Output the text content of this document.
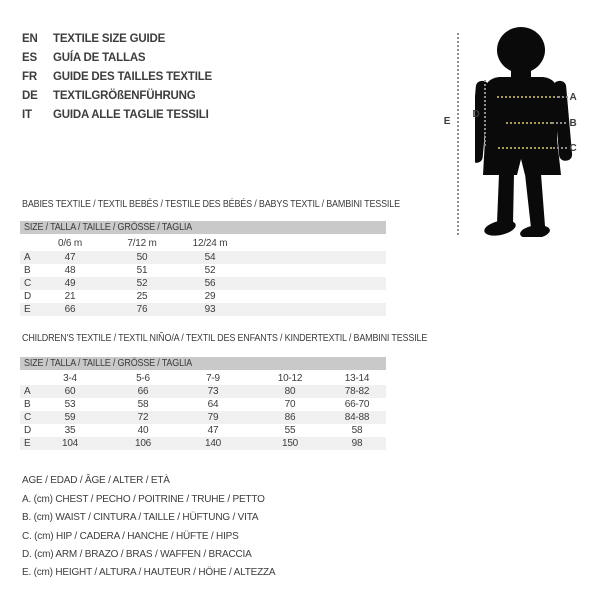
EN TEXTILE SIZE GUIDE
ES GUÍA DE TALLAS
FR GUIDE DES TAILLES TEXTILE
DE TEXTILGRÖßENFÜHRUNG
IT GUIDA ALLE TAGLIE TESSILI
E
D
A
B
C
BABIES TEXTILE / TEXTIL BEBÉS / TESTILE DES BÉBÉS / BABYS TEXTIL / BAMBINI TESSILE
SIZE / TALLA / TAILLE / GRÖSSE / TAGLIA
0/6 m	7/12 m	12/24 m
A	47	50	54
B	48	51	52
C	49	52	56
D	21	25	29
E	66	76	93
CHILDREN'S TEXTILE / TEXTIL NIÑO/A / TEXTIL DES ENFANTS / KINDERTEXTIL / BAMBINI TESSILE
SIZE / TALLA / TAILLE / GRÖSSE / TAGLIA
3-4	5-6	7-9	10-12	13-14
A	60	66	73	80	78-82
B	53	58	64	70	66-70
C	59	72	79	86	84-88
D	35	40	47	55	58
E	104	106	140	150	98
AGE / EDAD / ÂGE / ALTER / ETÀ
A. (cm) CHEST / PECHO / POITRINE / TRUHE / PETTO
B. (cm) WAIST / CINTURA / TAILLE / HÜFTUNG / VITA
C. (cm) HIP / CADERA / HANCHE / HÜFTE / HIPS
D. (cm) ARM / BRAZO / BRAS / WAFFEN / BRACCIA
E. (cm) HEIGHT / ALTURA / HAUTEUR / HÖHE / ALTEZZA
